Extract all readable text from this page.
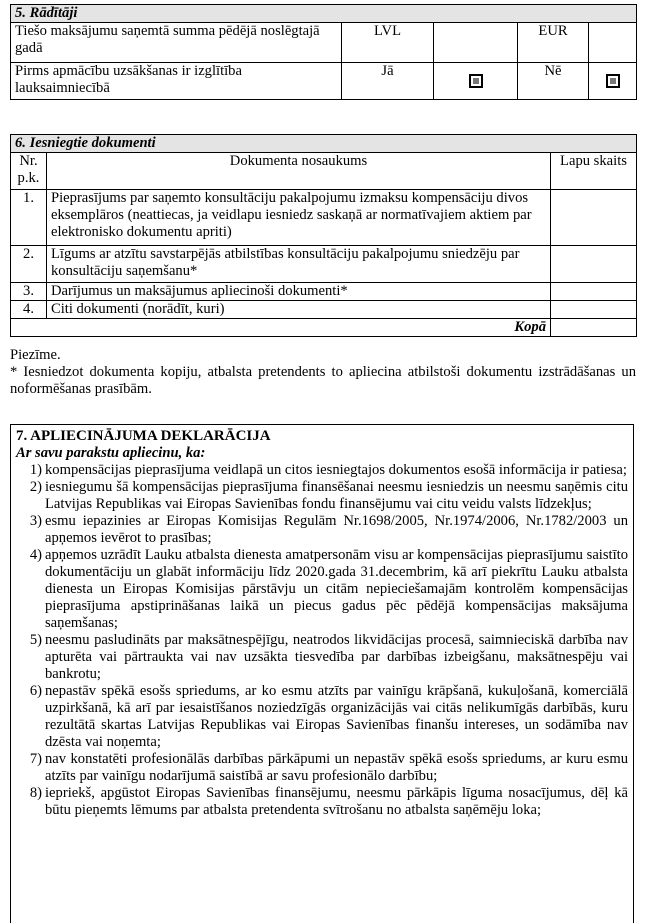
5. Rādītāji				
Tiešo maksājumu saņemtā summa pēdējā noslēgtajā gadā	LVL		EUR	
Pirms apmācību uzsākšanas ir izglītība lauksaimniecībā	Jā		Nē	
6. Iesniegtie dokumenti		
Nr. p.k.	Dokumenta nosaukums	Lapu skaits
1.	Pieprasījums par saņemto konsultāciju pakalpojumu izmaksu kompensāciju divos eksemplāros (neattiecas, ja veidlapu iesniedz saskaņā ar normatīvajiem aktiem par elektronisko dokumentu apriti)	
2.	Līgums ar atzītu savstarpējās atbilstības konsultāciju pakalpojumu sniedzēju par konsultāciju saņemšanu*	
3.	Darījumus un maksājumus apliecinoši dokumenti*	
4.	Citi dokumenti (norādīt, kuri)	
Kopā		

Piezīme.

* Iesniedzot dokumenta kopiju, atbalsta pretendents to apliecina atbilstoši dokumentu izstrādāšanas un noformēšanas prasībām.

7. APLIECINĀJUMA DEKLARĀCIJA
Ar savu parakstu apliecinu, ka:
1) kompensācijas pieprasījuma veidlapā un citos iesniegtajos dokumentos esošā informācija ir patiesa;
2) iesniegumu šā kompensācijas pieprasījuma finansēšanai neesmu iesniedzis un neesmu saņēmis citu Latvijas Republikas vai Eiropas Savienības fondu finansējumu vai citu veidu valsts līdzekļus;
3) esmu iepazinies ar Eiropas Komisijas Regulām Nr.1698/2005, Nr.1974/2006, Nr.1782/2003 un apņemos ievērot to prasības;
4) apņemos uzrādīt Lauku atbalsta dienesta amatpersonām visu ar kompensācijas pieprasījumu saistīto dokumentāciju un glabāt informāciju līdz 2020.gada 31.decembrim, kā arī piekrītu Lauku atbalsta dienesta un Eiropas Komisijas pārstāvju un citām nepieciešamajām kontrolēm kompensācijas pieprasījuma apstiprināšanas laikā un piecus gadus pēc pēdējā kompensācijas maksājuma saņemšanas;
5) neesmu pasludināts par maksātnespējīgu, neatrodos likvidācijas procesā, saimnieciskā darbība nav apturēta vai pārtraukta vai nav uzsākta tiesvedība par darbības izbeigšanu, maksātnespēju vai bankrotu;
6) nepastāv spēkā esošs spriedums, ar ko esmu atzīts par vainīgu krāpšanā, kukuļošanā, komerciālā uzpirkšanā, kā arī par iesaistīšanos noziedzīgās organizācijās vai citās nelikumīgās darbībās, kuru rezultātā skartas Latvijas Republikas vai Eiropas Savienības finanšu intereses, un sodāmība nav dzēsta vai noņemta;
7) nav konstatēti profesionālās darbības pārkāpumi un nepastāv spēkā esošs spriedums, ar kuru esmu atzīts par vainīgu nodarījumā saistībā ar savu profesionālo darbību;
8) iepriekš, apgūstot Eiropas Savienības finansējumu, neesmu pārkāpis līguma nosacījumus, dēļ kā būtu pieņemts lēmums par atbalsta pretendenta svītrošanu no atbalsta saņēmēju loka;
